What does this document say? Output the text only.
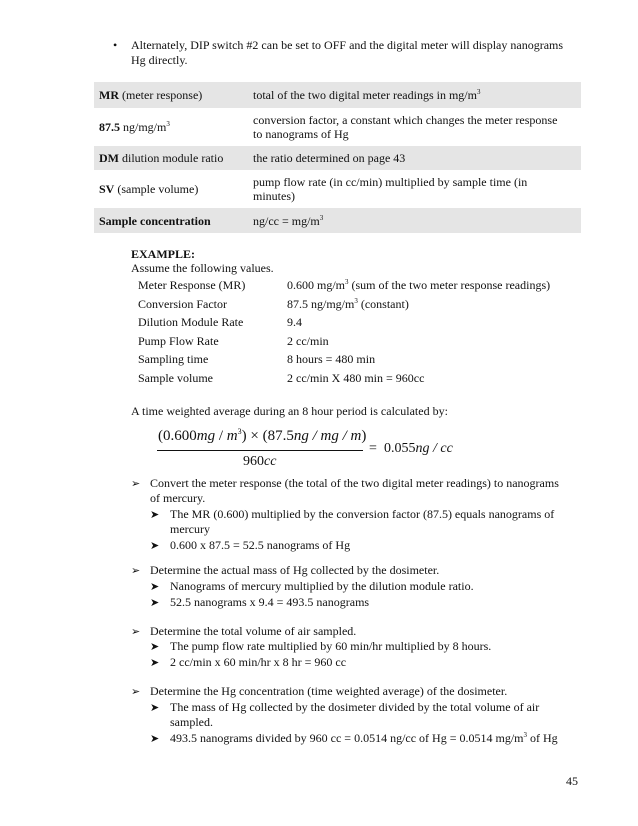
• Alternately, DIP switch #2 can be set to OFF and the digital meter will display nanograms
Hg directly.
MR (meter response)	total of the two digital meter readings in $mg/m^3$
87.5 $ng/mg/m^3$	conversion factor, a constant which changes the meter response
to nanograms of Hg
DM dilution module ratio	the ratio determined on page 43
SV (sample volume)	pump flow rate (in cc/min) multiplied by sample time (in
minutes)
Sample concentration	$ng/cc = mg/m^3$
EXAMPLE:
Assume the following values.
Meter Response (MR)	0.600 $mg/m^3$ (sum of the two meter response readings)
Conversion Factor	87.5 $ng/mg/m^3$ (constant)
Dilution Module Rate	9.4
Pump Flow Rate	2 cc/min
Sampling time	8 hours = 480 min
Sample volume	2 cc/min X 480 min = 960cc
A time weighted average during an 8 hour period is calculated by:
$(0.600mg / m^3) \times (87.5ng$ / mg / m)
960cc
= 0.055ng / cc
➢ Convert the meter response (the total of the two digital meter readings) to nanograms
of mercury.
➤ The MR (0.600) multiplied by the conversion factor (87.5) equals nanograms of
mercury
➤ 0.600 x 87.5 = 52.5 nanograms of Hg
➢ Determine the actual mass of Hg collected by the dosimeter.
➤ Nanograms of mercury multiplied by the dilution module ratio.
➤ 52.5 nanograms x 9.4 = 493.5 nanograms
➢ Determine the total volume of air sampled.
➤ The pump flow rate multiplied by 60 min/hr multiplied by 8 hours.
➤ 2 cc/min x 60 min/hr x 8 hr = 960 cc
➢ Determine the Hg concentration (time weighted average) of the dosimeter.
➤ The mass of Hg collected by the dosimeter divided by the total volume of air
sampled.
➤ 493.5 nanograms divided by 960 cc = 0.0514 ng/cc of Hg = 0.0514 $mg/m^3$ of Hg
45
